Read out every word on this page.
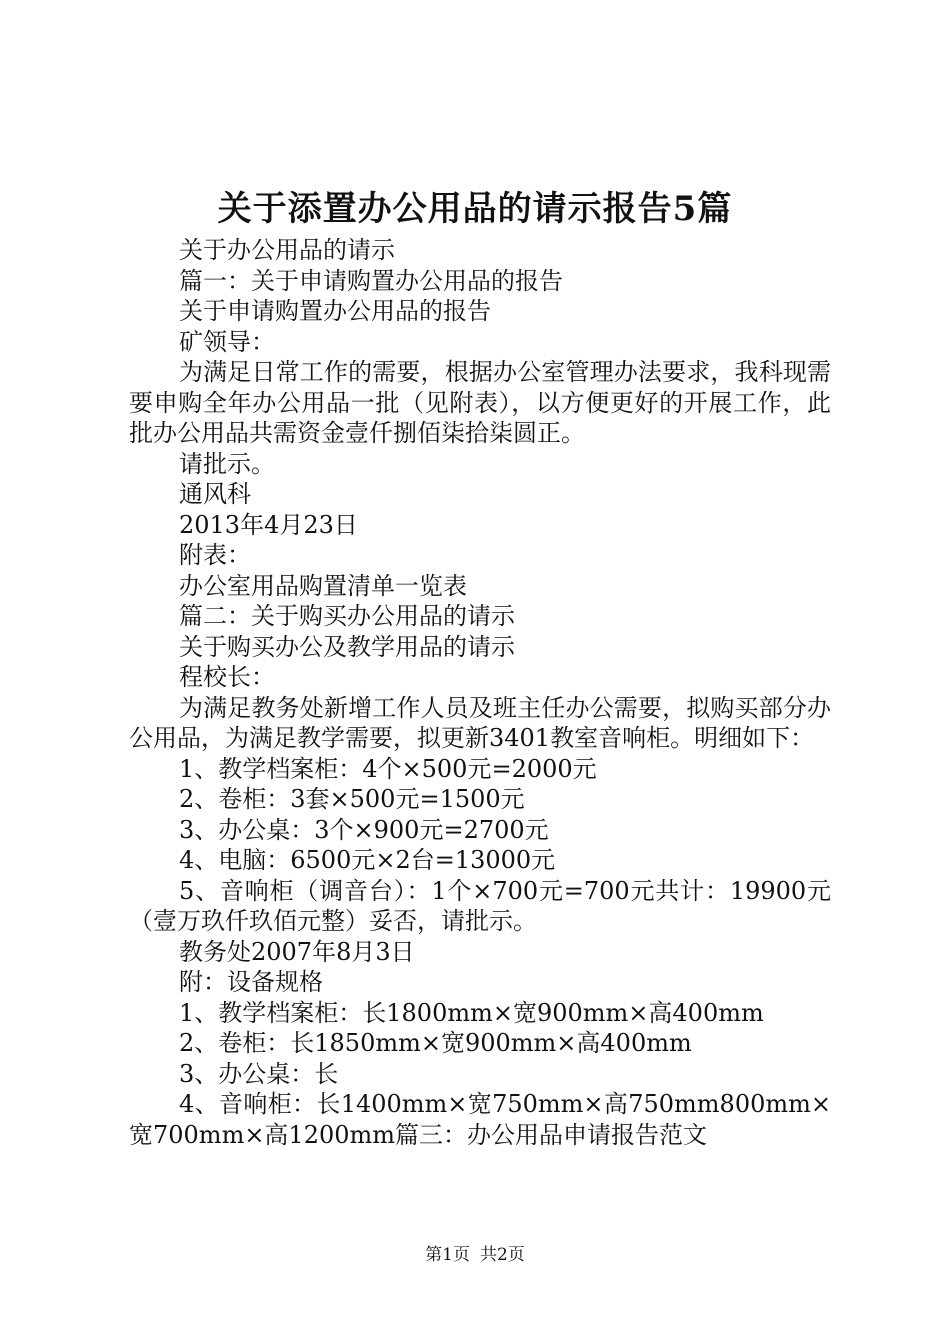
关于添置办公用品的请示报告5篇

关于办公用品的请示

篇一：关于申请购置办公用品的报告

关于申请购置办公用品的报告

矿领导：

为满足日常工作的需要，根据办公室管理办法要求，我科现需要申购全年办公用品一批（见附表），以方便更好的开展工作，此批办公用品共需资金壹仟捌佰柒拾柒圆正。

请批示。

通风科

2013年4月23日

附表：

办公室用品购置清单一览表

篇二：关于购买办公用品的请示

关于购买办公及教学用品的请示

程校长：

为满足教务处新增工作人员及班主任办公需要，拟购买部分办公用品，为满足教学需要，拟更新3401教室音响柜。明细如下：

1、教学档案柜：4个×500元=2000元

2、卷柜：3套×500元=1500元

3、办公桌：3个×900元=2700元

4、电脑：6500元×2台=13000元

5、音响柜（调音台）：1个×700元=700元共计：19900元（壹万玖仟玖佰元整）妥否，请批示。

教务处2007年8月3日

附：设备规格

1、教学档案柜：长1800mm×宽900mm×高400mm

2、卷柜：长1850mm×宽900mm×高400mm

3、办公桌：长

4、音响柜：长1400mm×宽750mm×高750mm800mm×宽700mm×高1200mm篇三：办公用品申请报告范文

第1页 共2页
